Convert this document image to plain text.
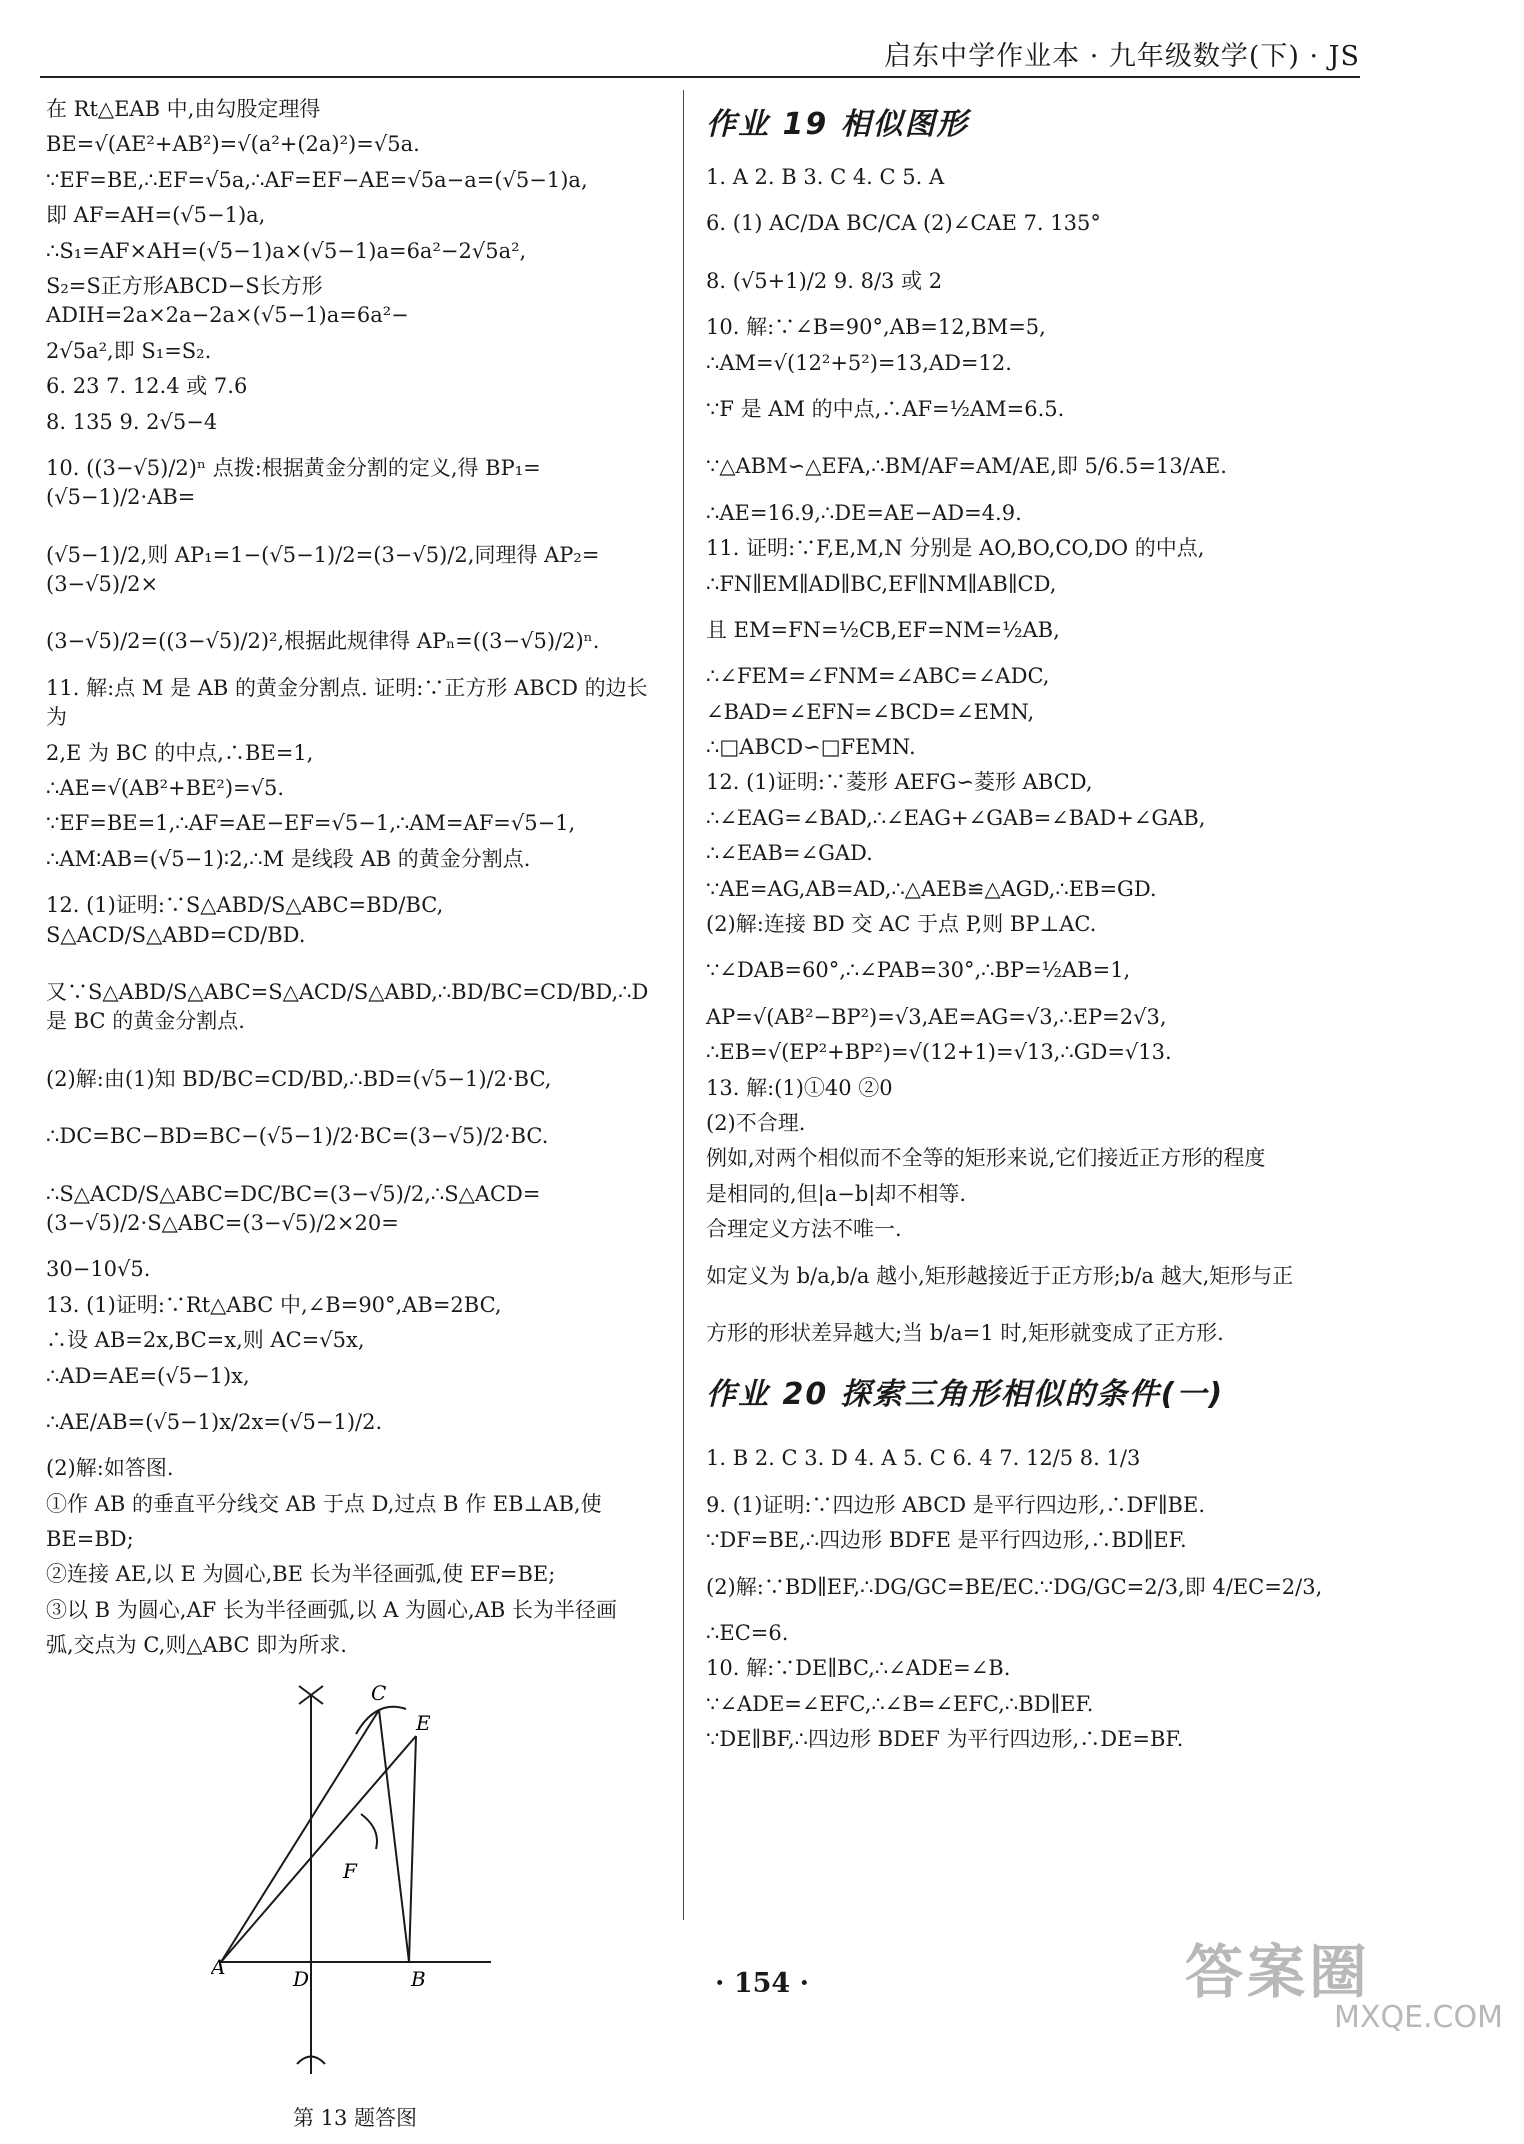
启东中学作业本 · 九年级数学(下) · JS

在 Rt△EAB 中,由勾股定理得

BE=√(AE²+AB²)=√(a²+(2a)²)=√5a.

∵EF=BE,∴EF=√5a,∴AF=EF−AE=√5a−a=(√5−1)a,

即 AF=AH=(√5−1)a,

∴S₁=AF×AH=(√5−1)a×(√5−1)a=6a²−2√5a²,

S₂=S正方形ABCD−S长方形ADIH=2a×2a−2a×(√5−1)a=6a²−

2√5a²,即 S₁=S₂.

6. 23 7. 12.4 或 7.6

8. 135 9. 2√5−4

10. ((3−√5)/2)ⁿ 点拨:根据黄金分割的定义,得 BP₁=(√5−1)/2·AB=

(√5−1)/2,则 AP₁=1−(√5−1)/2=(3−√5)/2,同理得 AP₂=(3−√5)/2×

(3−√5)/2=((3−√5)/2)²,根据此规律得 APₙ=((3−√5)/2)ⁿ.

11. 解:点 M 是 AB 的黄金分割点. 证明:∵正方形 ABCD 的边长为

2,E 为 BC 的中点,∴BE=1,

∴AE=√(AB²+BE²)=√5.

∵EF=BE=1,∴AF=AE−EF=√5−1,∴AM=AF=√5−1,

∴AM∶AB=(√5−1)∶2,∴M 是线段 AB 的黄金分割点.

12. (1)证明:∵S△ABD/S△ABC=BD/BC, S△ACD/S△ABD=CD/BD.

又∵S△ABD/S△ABC=S△ACD/S△ABD,∴BD/BC=CD/BD,∴D 是 BC 的黄金分割点.

(2)解:由(1)知 BD/BC=CD/BD,∴BD=(√5−1)/2·BC,

∴DC=BC−BD=BC−(√5−1)/2·BC=(3−√5)/2·BC.

∴S△ACD/S△ABC=DC/BC=(3−√5)/2,∴S△ACD=(3−√5)/2·S△ABC=(3−√5)/2×20=

30−10√5.

13. (1)证明:∵Rt△ABC 中,∠B=90°,AB=2BC,

∴设 AB=2x,BC=x,则 AC=√5x,

∴AD=AE=(√5−1)x,

∴AE/AB=(√5−1)x/2x=(√5−1)/2.

(2)解:如答图.

①作 AB 的垂直平分线交 AB 于点 D,过点 B 作 EB⊥AB,使

BE=BD;

②连接 AE,以 E 为圆心,BE 长为半径画弧,使 EF=BE;

③以 B 为圆心,AF 长为半径画弧,以 A 为圆心,AB 长为半径画

弧,交点为 C,则△ABC 即为所求.

A	B
C
D
E
F
第 13 题答图
作业 19 相似图形

1. A 2. B 3. C 4. C 5. A

6. (1) AC/DA BC/CA (2)∠CAE 7. 135°

8. (√5+1)/2 9. 8/3 或 2

10. 解:∵∠B=90°,AB=12,BM=5,

∴AM=√(12²+5²)=13,AD=12.

∵F 是 AM 的中点,∴AF=½AM=6.5.

∵△ABM∽△EFA,∴BM/AF=AM/AE,即 5/6.5=13/AE.

∴AE=16.9,∴DE=AE−AD=4.9.

11. 证明:∵F,E,M,N 分别是 AO,BO,CO,DO 的中点,

∴FN∥EM∥AD∥BC,EF∥NM∥AB∥CD,

且 EM=FN=½CB,EF=NM=½AB,

∴∠FEM=∠FNM=∠ABC=∠ADC,

∠BAD=∠EFN=∠BCD=∠EMN,

∴□ABCD∽□FEMN.

12. (1)证明:∵菱形 AEFG∽菱形 ABCD,

∴∠EAG=∠BAD,∴∠EAG+∠GAB=∠BAD+∠GAB,

∴∠EAB=∠GAD.

∵AE=AG,AB=AD,∴△AEB≌△AGD,∴EB=GD.

(2)解:连接 BD 交 AC 于点 P,则 BP⊥AC.

∵∠DAB=60°,∴∠PAB=30°,∴BP=½AB=1,

AP=√(AB²−BP²)=√3,AE=AG=√3,∴EP=2√3,

∴EB=√(EP²+BP²)=√(12+1)=√13,∴GD=√13.

13. 解:(1)①40 ②0

(2)不合理.

例如,对两个相似而不全等的矩形来说,它们接近正方形的程度

是相同的,但|a−b|却不相等.

合理定义方法不唯一.

如定义为 b/a,b/a 越小,矩形越接近于正方形;b/a 越大,矩形与正

方形的形状差异越大;当 b/a=1 时,矩形就变成了正方形.

作业 20 探索三角形相似的条件(一)

1. B 2. C 3. D 4. A 5. C 6. 4 7. 12/5 8. 1/3

9. (1)证明:∵四边形 ABCD 是平行四边形,∴DF∥BE.

∵DF=BE,∴四边形 BDFE 是平行四边形,∴BD∥EF.

(2)解:∵BD∥EF,∴DG/GC=BE/EC.∵DG/GC=2/3,即 4/EC=2/3,

∴EC=6.

10. 解:∵DE∥BC,∴∠ADE=∠B.

∵∠ADE=∠EFC,∴∠B=∠EFC,∴BD∥EF.

∵DE∥BF,∴四边形 BDEF 为平行四边形,∴DE=BF.

· 154 ·	答案圈
MXQE.COM
